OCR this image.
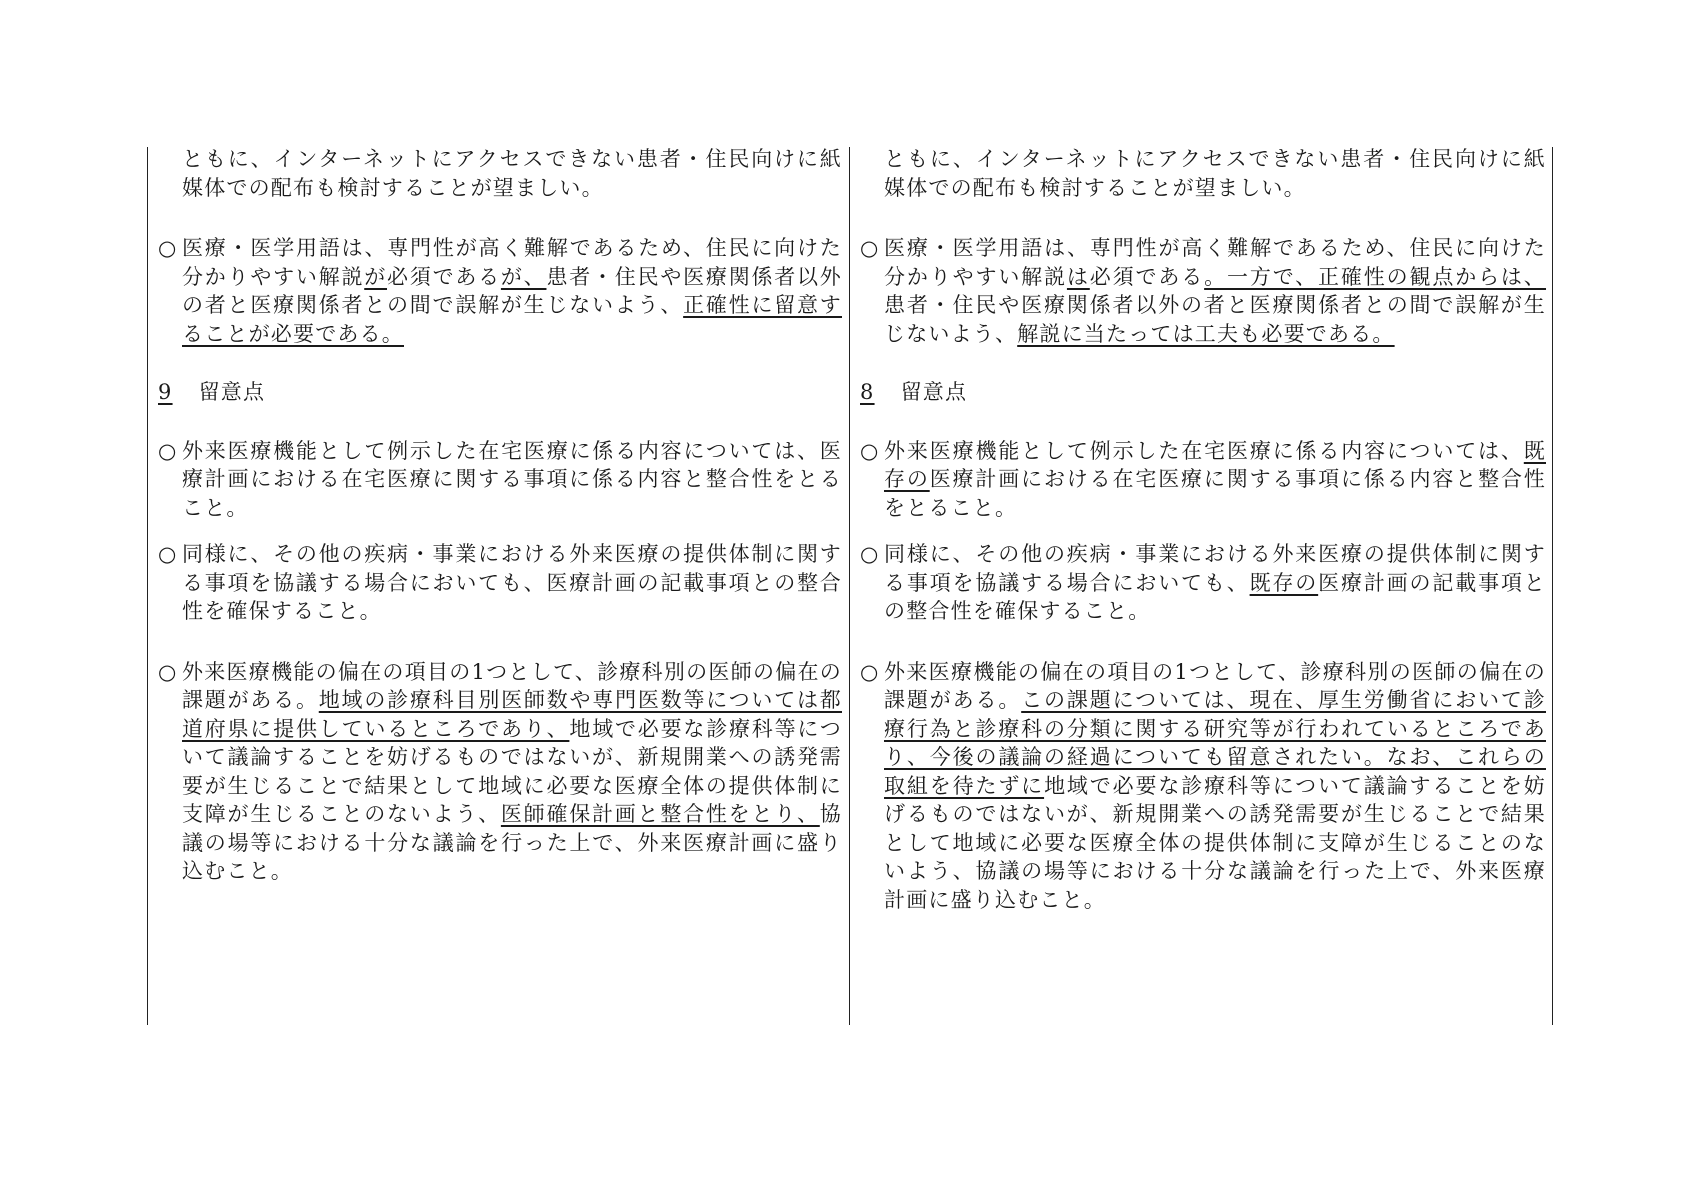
ともに、インターネットにアクセスできない患者・住民向けに紙媒体での配布も検討することが望ましい。
○ 医療・医学用語は、専門性が高く難解であるため、住民に向けた分かりやすい解説が必須であるが、患者・住民や医療関係者以外の者と医療関係者との間で誤解が生じないよう、正確性に留意することが必要である。
9 留意点
○ 外来医療機能として例示した在宅医療に係る内容については、医療計画における在宅医療に関する事項に係る内容と整合性をとること。
○ 同様に、その他の疾病・事業における外来医療の提供体制に関する事項を協議する場合においても、医療計画の記載事項との整合性を確保すること。
○ 外来医療機能の偏在の項目の1つとして、診療科別の医師の偏在の課題がある。地域の診療科目別医師数や専門医数等については都道府県に提供しているところであり、地域で必要な診療科等について議論することを妨げるものではないが、新規開業への誘発需要が生じることで結果として地域に必要な医療全体の提供体制に支障が生じることのないよう、医師確保計画と整合性をとり、協議の場等における十分な議論を行った上で、外来医療計画に盛り込むこと。
ともに、インターネットにアクセスできない患者・住民向けに紙媒体での配布も検討することが望ましい。
○ 医療・医学用語は、専門性が高く難解であるため、住民に向けた分かりやすい解説は必須である。一方で、正確性の観点からは、患者・住民や医療関係者以外の者と医療関係者との間で誤解が生じないよう、解説に当たっては工夫も必要である。
8 留意点
○ 外来医療機能として例示した在宅医療に係る内容については、既存の医療計画における在宅医療に関する事項に係る内容と整合性をとること。
○ 同様に、その他の疾病・事業における外来医療の提供体制に関する事項を協議する場合においても、既存の医療計画の記載事項との整合性を確保すること。
○ 外来医療機能の偏在の項目の1つとして、診療科別の医師の偏在の課題がある。この課題については、現在、厚生労働省において診療行為と診療科の分類に関する研究等が行われているところであり、今後の議論の経過についても留意されたい。なお、これらの取組を待たずに地域で必要な診療科等について議論することを妨げるものではないが、新規開業への誘発需要が生じることで結果として地域に必要な医療全体の提供体制に支障が生じることのないよう、協議の場等における十分な議論を行った上で、外来医療計画に盛り込むこと。
